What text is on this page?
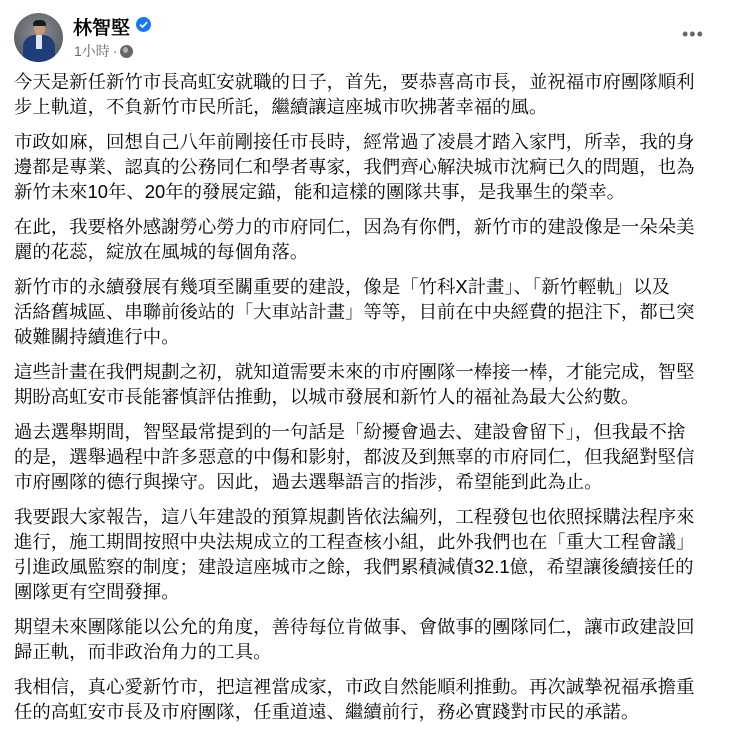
林智堅
1小時 ·
•••
今天是新任新竹市長高虹安就職的日子，首先，要恭喜高市長，並祝福市府團隊順利
步上軌道，不負新竹市民所託，繼續讓這座城市吹拂著幸福的風。
市政如麻，回想自己八年前剛接任市長時，經常過了凌晨才踏入家門，所幸，我的身
邊都是專業、認真的公務同仁和學者專家，我們齊心解決城市沈痾已久的問題，也為
新竹未來10年、20年的發展定錨，能和這樣的團隊共事，是我畢生的榮幸。
在此，我要格外感謝勞心勞力的市府同仁，因為有你們，新竹市的建設像是一朵朵美
麗的花蕊，綻放在風城的每個角落。
新竹市的永續發展有幾項至關重要的建設，像是「竹科X計畫」、「新竹輕軌」以及
活絡舊城區、串聯前後站的「大車站計畫」等等，目前在中央經費的挹注下，都已突
破難關持續進行中。
這些計畫在我們規劃之初，就知道需要未來的市府團隊一棒接一棒，才能完成，智堅
期盼高虹安市長能審慎評估推動，以城市發展和新竹人的福祉為最大公約數。
過去選舉期間，智堅最常提到的一句話是「紛擾會過去、建設會留下」，但我最不捨
的是，選舉過程中許多惡意的中傷和影射，都波及到無辜的市府同仁，但我絕對堅信
市府團隊的德行與操守。因此，過去選舉語言的指涉，希望能到此為止。
我要跟大家報告，這八年建設的預算規劃皆依法編列，工程發包也依照採購法程序來
進行，施工期間按照中央法規成立的工程查核小組，此外我們也在「重大工程會議」
引進政風監察的制度；建設這座城市之餘，我們累積減債32.1億，希望讓後續接任的
團隊更有空間發揮。
期望未來團隊能以公允的角度，善待每位肯做事、會做事的團隊同仁，讓市政建設回
歸正軌，而非政治角力的工具。
我相信，真心愛新竹市，把這裡當成家，市政自然能順利推動。再次誠摯祝福承擔重
任的高虹安市長及市府團隊，任重道遠、繼續前行，務必實踐對市民的承諾。
